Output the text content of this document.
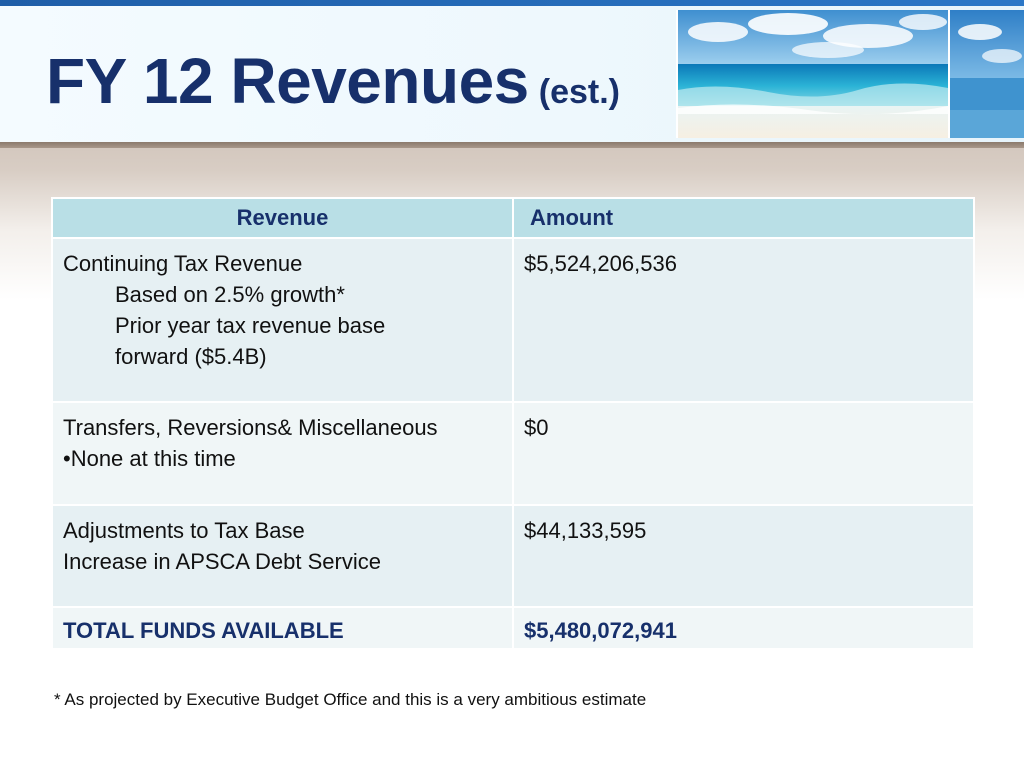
FY 12 Revenues (est.)
Revenue	Amount

Continuing Tax Revenue
Based on 2.5% growth*
Prior year tax revenue base
forward ($5.4B)	$5,524,206,536

Transfers, Reversions& Miscellaneous
•None at this time	$0

Adjustments to Tax Base
Increase in APSCA Debt Service	$44,133,595

TOTAL FUNDS AVAILABLE	$5,480,072,941

* As projected by Executive Budget Office and this is a very ambitious estimate
